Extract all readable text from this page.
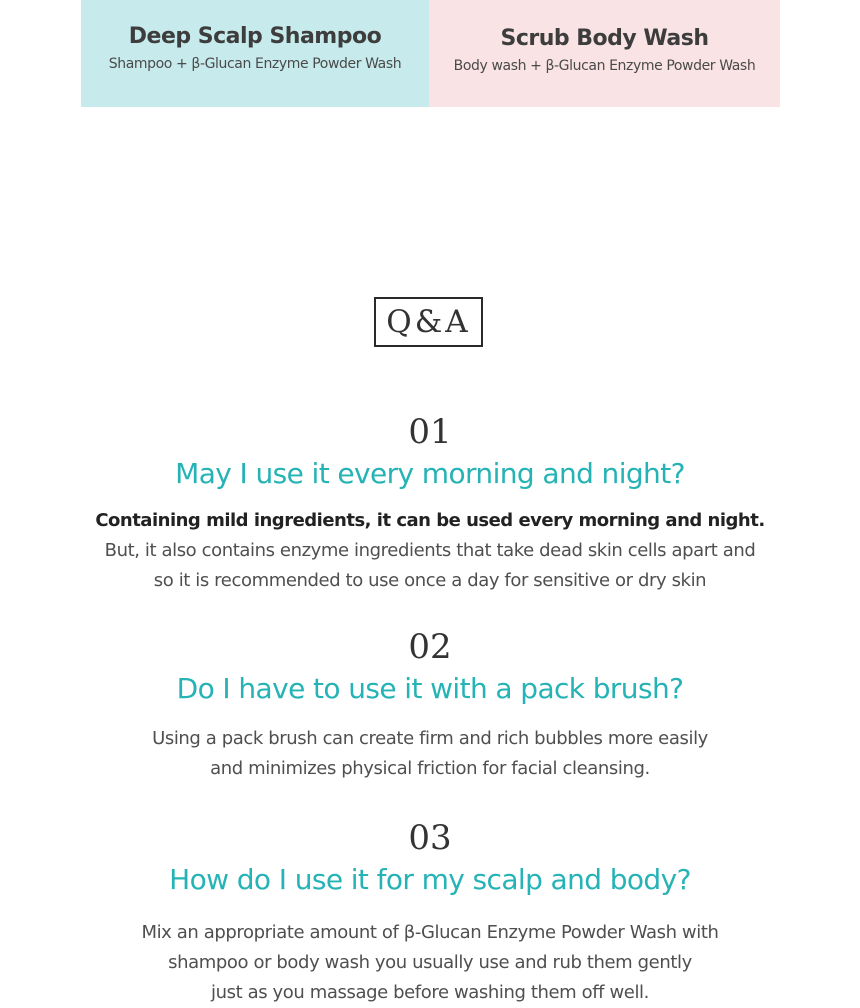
Deep Scalp Shampoo
Shampoo + β-Glucan Enzyme Powder Wash
Scrub Body Wash
Body wash + β-Glucan Enzyme Powder Wash
Q&A
01
May I use it every morning and night?
Containing mild ingredients, it can be used every morning and night.
But, it also contains enzyme ingredients that take dead skin cells apart and
so it is recommended to use once a day for sensitive or dry skin
02
Do I have to use it with a pack brush?
Using a pack brush can create firm and rich bubbles more easily
and minimizes physical friction for facial cleansing.
03
How do I use it for my scalp and body?
Mix an appropriate amount of β-Glucan Enzyme Powder Wash with
shampoo or body wash you usually use and rub them gently
just as you massage before washing them off well.
